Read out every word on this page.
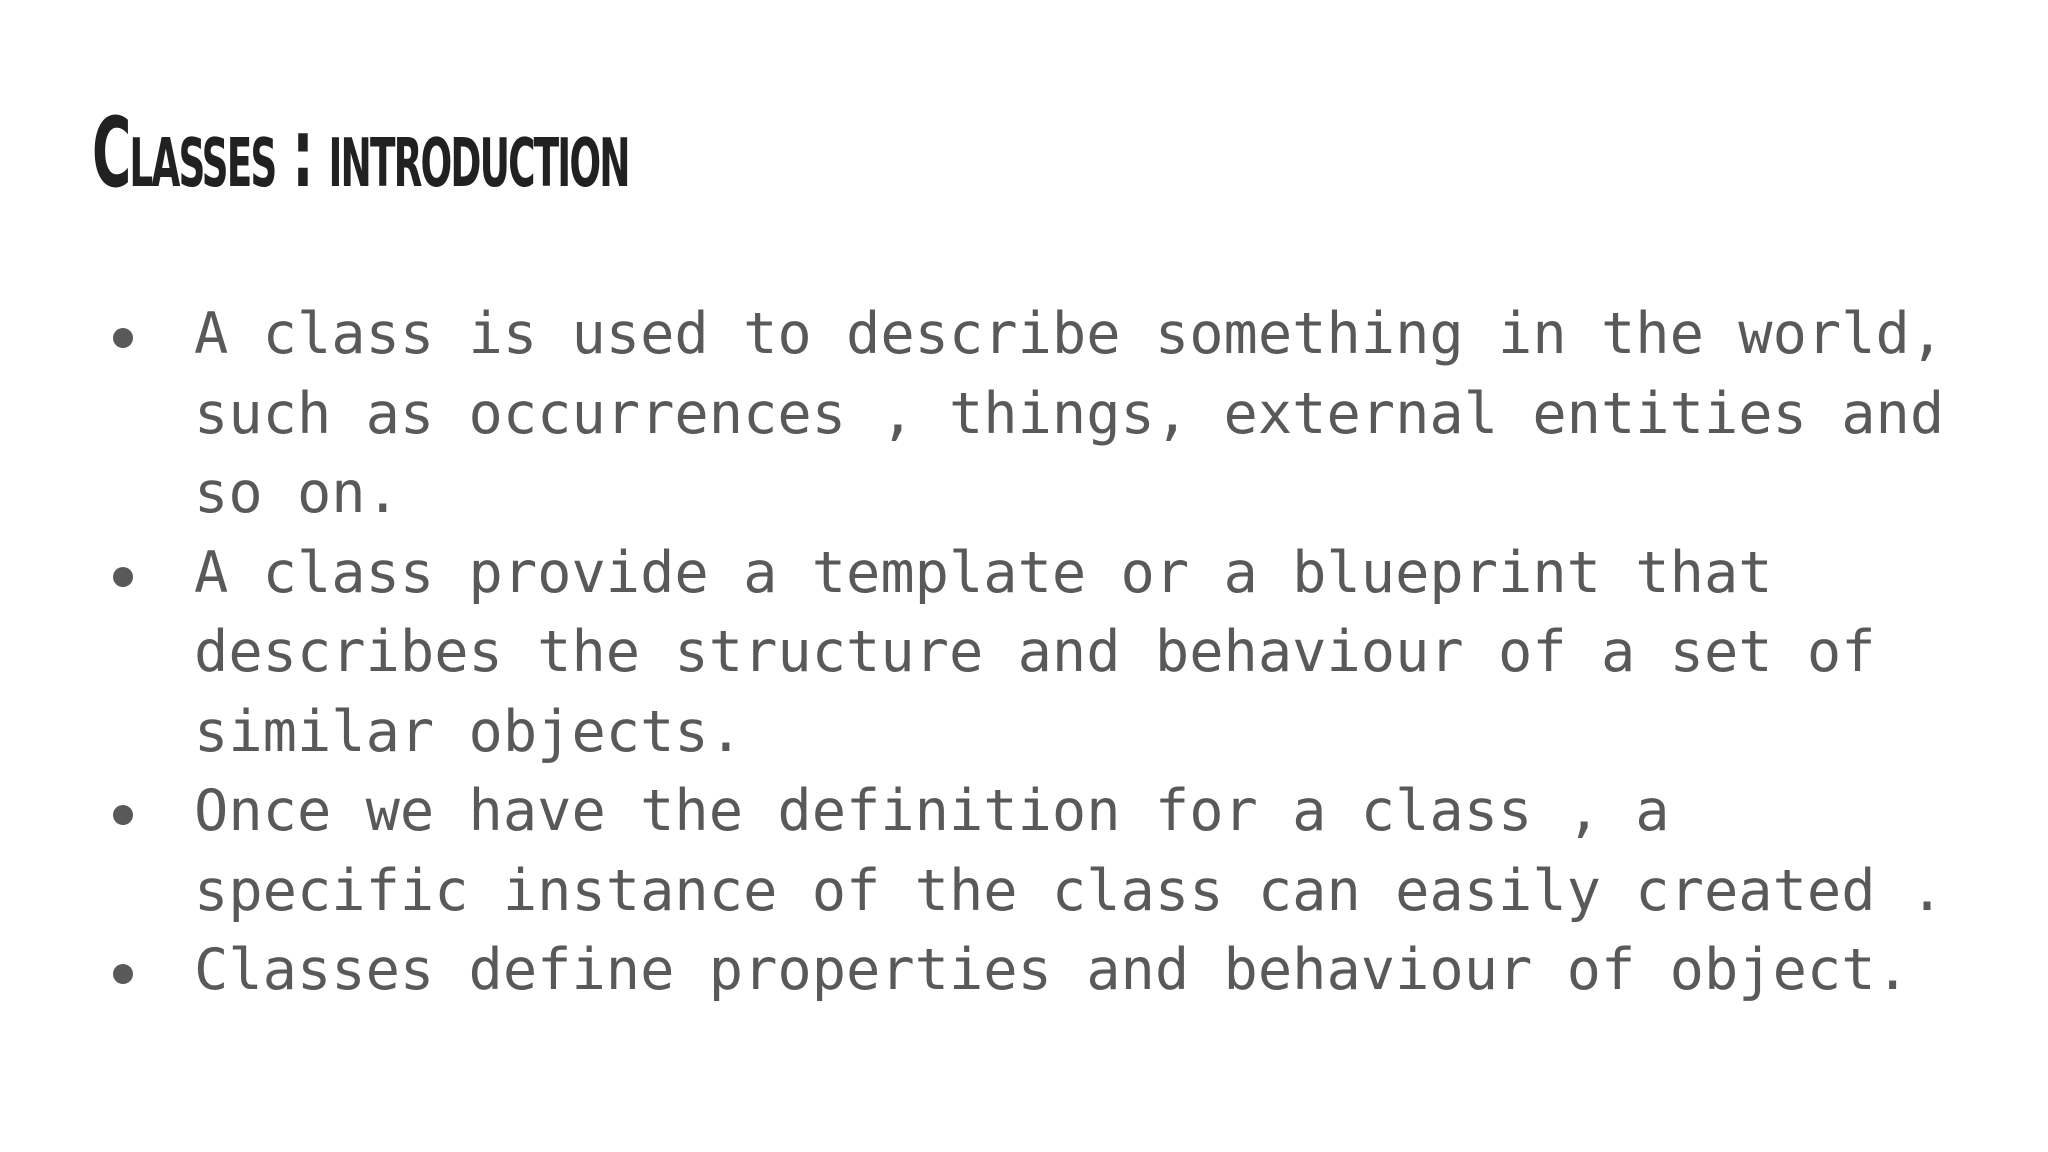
Classes : introduction
A class is used to describe something in the world,
such as occurrences , things, external entities and
so on.
A class provide a template or a blueprint that
describes the structure and behaviour of a set of
similar objects.
Once we have the definition for a class , a
specific instance of the class can easily created .
Classes define properties and behaviour of object.
